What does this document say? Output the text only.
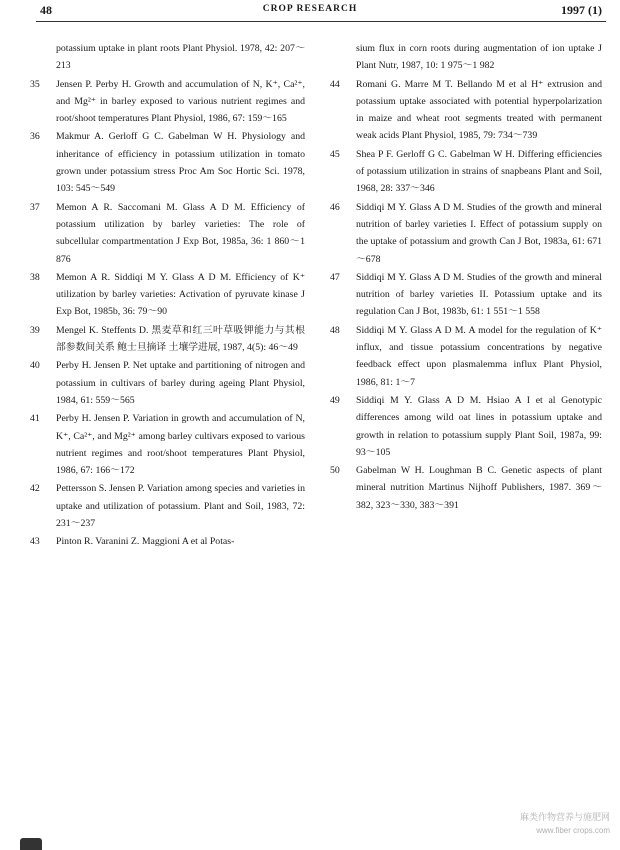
48	CROP RESEARCH	1997 (1)
potassium uptake in plant roots Plant Physiol. 1978, 42: 207～213
35 Jensen P. Perby H. Growth and accumulation of N, K⁺, Ca²⁺, and Mg²⁺ in barley exposed to various nutrient regimes and root/shoot temperatures Plant Physiol, 1986, 67: 159～165
36 Makmur A. Gerloff G C. Gabelman W H. Physiology and inheritance of efficiency in potassium utilization in tomato grown under potassium stress Proc Am Soc Hortic Sci. 1978, 103: 545～549
37 Memon A R. Saccomani M. Glass A D M. Efficiency of potassium utilization by barley varieties: The role of subcellular compartmentation J Exp Bot, 1985a, 36: 1 860～1 876
38 Memon A R. Siddiqi M Y. Glass A D M. Efficiency of K⁺ utilization by barley varieties: Activation of pyruvate kinase J Exp Bot, 1985b, 36: 79～90
39 Mengel K. Steffents D. 黑麦草和红三叶草吸钾能力与其根部参数间关系 鲍士旦摘译 土壤学进展, 1987, 4(5): 46～49
40 Perby H. Jensen P. Net uptake and partitioning of nitrogen and potassium in cultivars of barley during ageing Plant Physiol, 1984, 61: 559～565
41 Perby H. Jensen P. Variation in growth and accumulation of N, K⁺, Ca²⁺, and Mg²⁺ among barley cultivars exposed to various nutrient regimes and root/shoot temperatures Plant Physiol, 1986, 67: 166～172
42 Pettersson S. Jensen P. Variation among species and varieties in uptake and utilization of potassium. Plant and Soil, 1983, 72: 231～237
43 Pinton R. Varanini Z. Maggioni A et al Potas-
sium flux in corn roots during augmentation of ion uptake J Plant Nutr, 1987, 10: 1 975～1 982
44 Romani G. Marre M T. Bellando M et al H⁺ extrusion and potassium uptake associated with potential hyperpolarization in maize and wheat root segments treated with permanent weak acids Plant Physiol, 1985, 79: 734～739
45 Shea P F. Gerloff G C. Gabelman W H. Differing efficiencies of potassium utilization in strains of snapbeans Plant and Soil, 1968, 28: 337～346
46 Siddiqi M Y. Glass A D M. Studies of the growth and mineral nutrition of barley varieties I. Effect of potassium supply on the uptake of potassium and growth Can J Bot, 1983a, 61: 671～678
47 Siddiqi M Y. Glass A D M. Studies of the growth and mineral nutrition of barley varieties II. Potassium uptake and its regulation Can J Bot, 1983b, 61: 1 551～1 558
48 Siddiqi M Y. Glass A D M. A model for the regulation of K⁺ influx, and tissue potassium concentrations by negative feedback effect upon plasmalemma influx Plant Physiol, 1986, 81: 1～7
49 Siddiqi M Y. Glass A D M. Hsiao A I et al Genotypic differences among wild oat lines in potassium uptake and growth in relation to potassium supply Plant Soil, 1987a, 99: 93～105
50 Gabelman W H. Loughman B C. Genetic aspects of plant mineral nutrition Martinus Nijhoff Publishers, 1987. 369～382, 323～330, 383～391
麻类作物营养与施肥网
www.fiber crops.com
